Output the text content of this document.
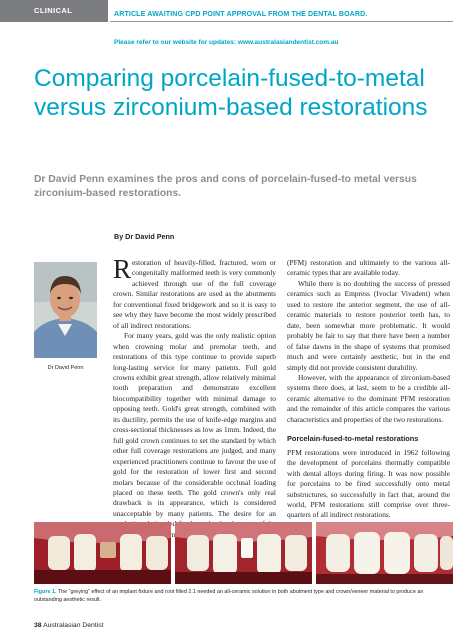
CLINICAL	ARTICLE AWAITING CPD POINT APPROVAL FROM THE DENTAL BOARD.
Please refer to our website for updates: www.australasiandentist.com.au
Comparing porcelain-fused-to-metal versus zirconium-based restorations
Dr David Penn examines the pros and cons of porcelain-fused-to metal versus zirconium-based restorations.
By Dr David Penn
Dr David Penn

Restoration of heavily-filled, fractured, worn or congenitally malformed teeth is very commonly achieved through use of the full coverage crown. Similar restorations are used as the abutments for conventional fixed bridgework and so it is easy to see why they have become the most widely prescribed of all indirect restorations.

For many years, gold was the only realistic option when crowning molar and premolar teeth, and restorations of this type continue to provide superb long-lasting service for many patients. Full gold crowns exhibit great strength, allow relatively minimal tooth preparation and demonstrate excellent biocompatibility together with minimal damage to opposing teeth. Gold's great strength, combined with its ductility, permits the use of knife-edge margins and cross-sectional thicknesses as low as 1mm. Indeed, the full gold crown continues to set the standard by which other full coverage restorations are judged, and many experienced practitioners continue to favour the use of gold for the restoration of lower first and second molars because of the considerable occlusal loading placed on these teeth. The gold crown's only real drawback is its appearance, which is considered unacceptable by many patients. The desire for an led

(PFM) restoration and ultimately to the various all-ceramic types that are available today.

While there is no doubting the success of pressed ceramics such as Empress (Ivoclar Vivadent) when used to restore the anterior segment, the use of all-ceramic materials to restore posterior teeth has, to date, been somewhat more problematic. It would probably be fair to say that there have been a number of false dawns in the shape of systems that promised much and were certainly aesthetic, but in the end simply did not provide consistent durability.

However, with the appearance of zirconium-based systems there does, at last, seem to be a credible all-ceramic alternative to the dominant PFM restoration and the remainder of this article compares the various characteristics and properties of the two restorations.

Porcelain-fused-to-metal restorations

PFM restorations were introduced in 1962 following the development of porcelains thermally compatible with dental alloys during firing. It was now possible for porcelains to be fired successfully onto metal substructures, so successfully in fact that, around the world, PFM restorations still comprise over three-quarters of all indirect restorations.

Figure 1. The “greying” effect of an implant fixture and root filled 2.1 needed an all-ceramic solution in both abutment type and crown/veneer material to produce an outstanding aesthetic result.
38 Australasian Dentist
